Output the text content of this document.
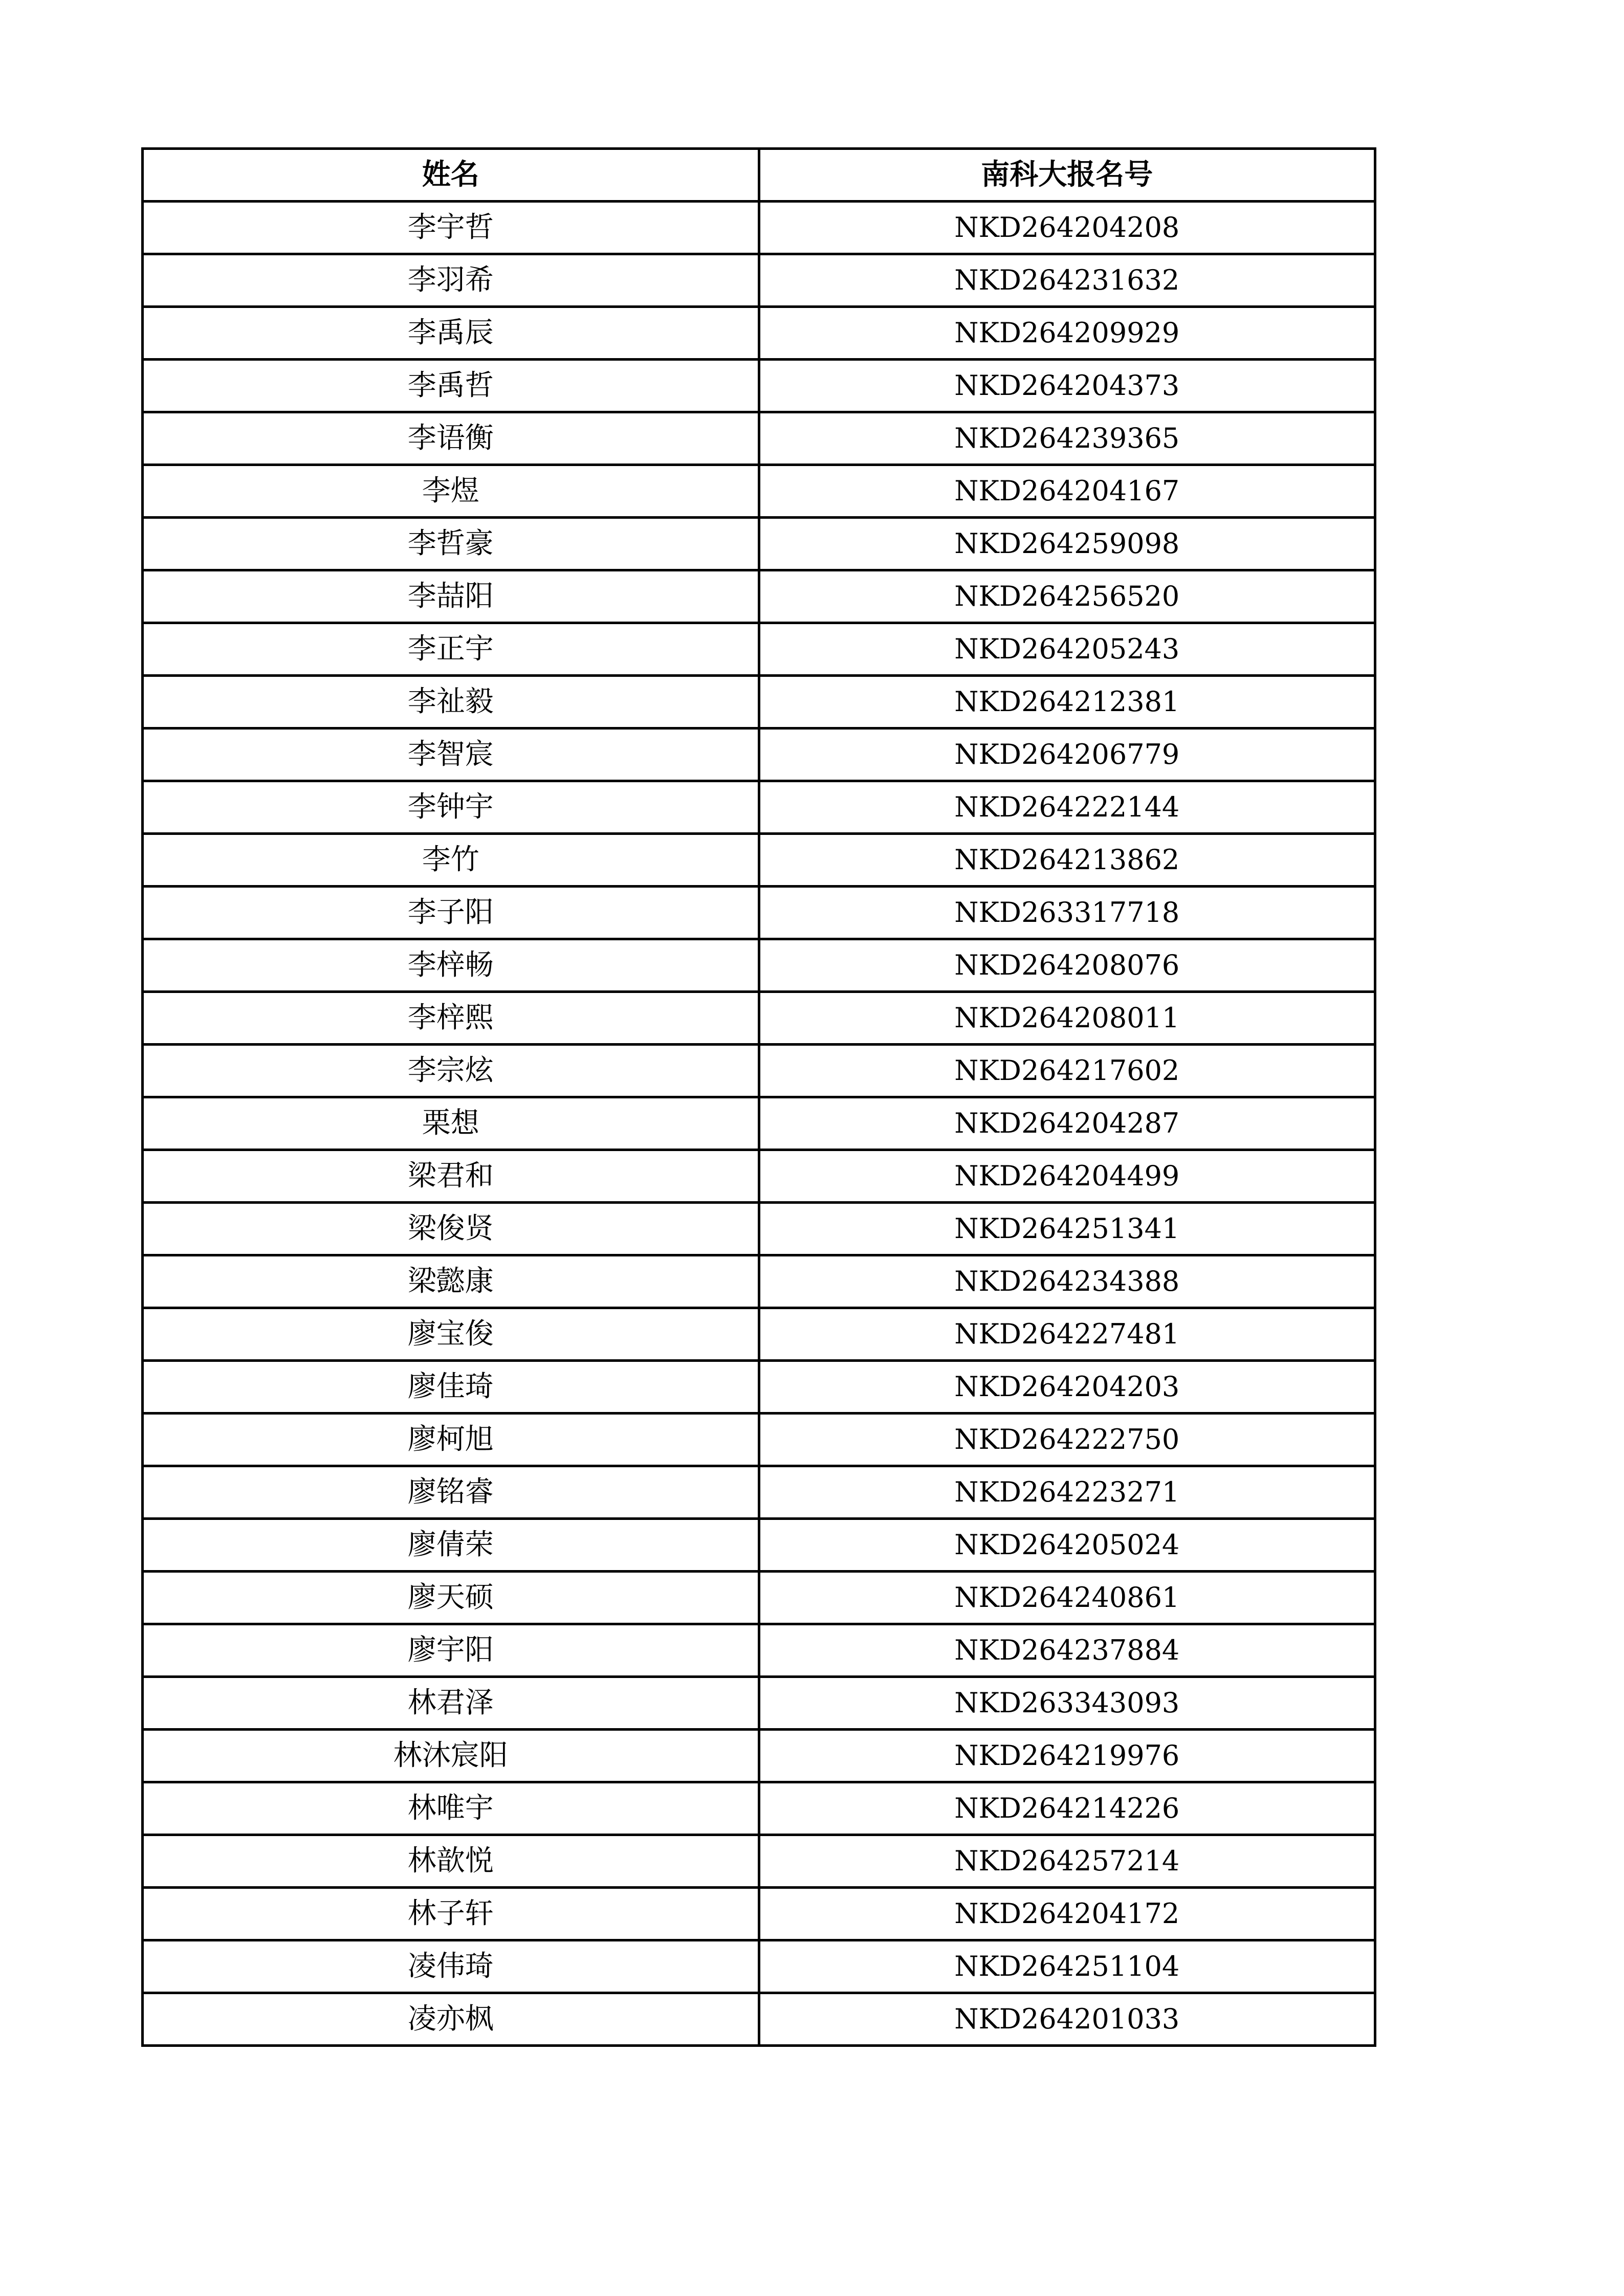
姓名	南科大报名号
李宇哲	NKD264204208
李羽希	NKD264231632
李禹辰	NKD264209929
李禹哲	NKD264204373
李语衡	NKD264239365
李煜	NKD264204167
李哲豪	NKD264259098
李喆阳	NKD264256520
李正宇	NKD264205243
李祉毅	NKD264212381
李智宸	NKD264206779
李钟宇	NKD264222144
李竹	NKD264213862
李子阳	NKD263317718
李梓畅	NKD264208076
李梓熙	NKD264208011
李宗炫	NKD264217602
栗想	NKD264204287
梁君和	NKD264204499
梁俊贤	NKD264251341
梁懿康	NKD264234388
廖宝俊	NKD264227481
廖佳琦	NKD264204203
廖柯旭	NKD264222750
廖铭睿	NKD264223271
廖倩荣	NKD264205024
廖天硕	NKD264240861
廖宇阳	NKD264237884
林君泽	NKD263343093
林沐宸阳	NKD264219976
林唯宇	NKD264214226
林歆悦	NKD264257214
林子轩	NKD264204172
凌伟琦	NKD264251104
凌亦枫	NKD264201033
